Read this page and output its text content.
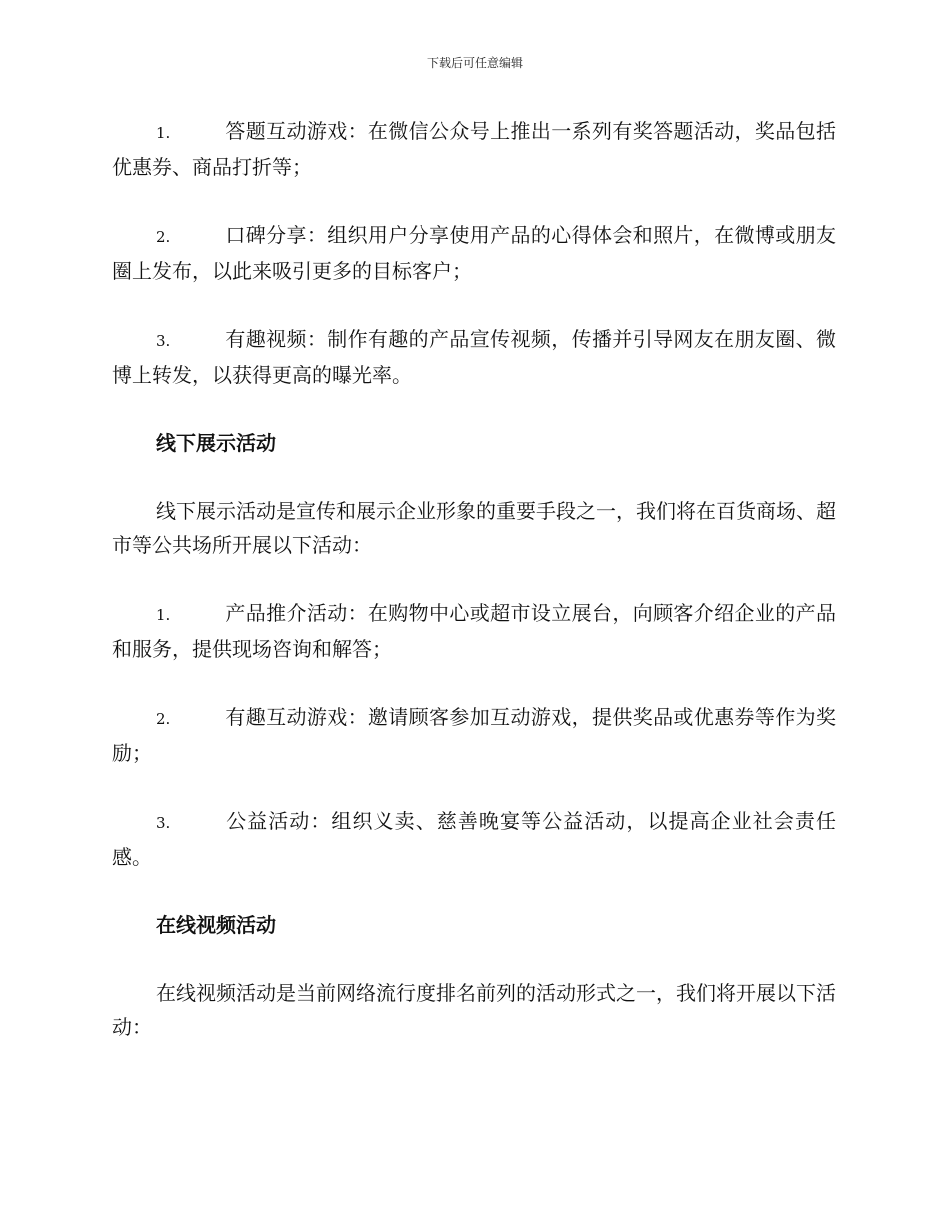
下载后可任意编辑

1.	答题互动游戏：在微信公众号上推出一系列有奖答题活动，奖品包括优惠券、商品打折等；

2.	口碑分享：组织用户分享使用产品的心得体会和照片，在微博或朋友圈上发布，以此来吸引更多的目标客户；

3.	有趣视频：制作有趣的产品宣传视频，传播并引导网友在朋友圈、微博上转发，以获得更高的曝光率。

线下展示活动

线下展示活动是宣传和展示企业形象的重要手段之一，我们将在百货商场、超市等公共场所开展以下活动：

1.	产品推介活动：在购物中心或超市设立展台，向顾客介绍企业的产品和服务，提供现场咨询和解答；

2.	有趣互动游戏：邀请顾客参加互动游戏，提供奖品或优惠券等作为奖励；

3.	公益活动：组织义卖、慈善晚宴等公益活动，以提高企业社会责任感。

在线视频活动

在线视频活动是当前网络流行度排名前列的活动形式之一，我们将开展以下活动：
